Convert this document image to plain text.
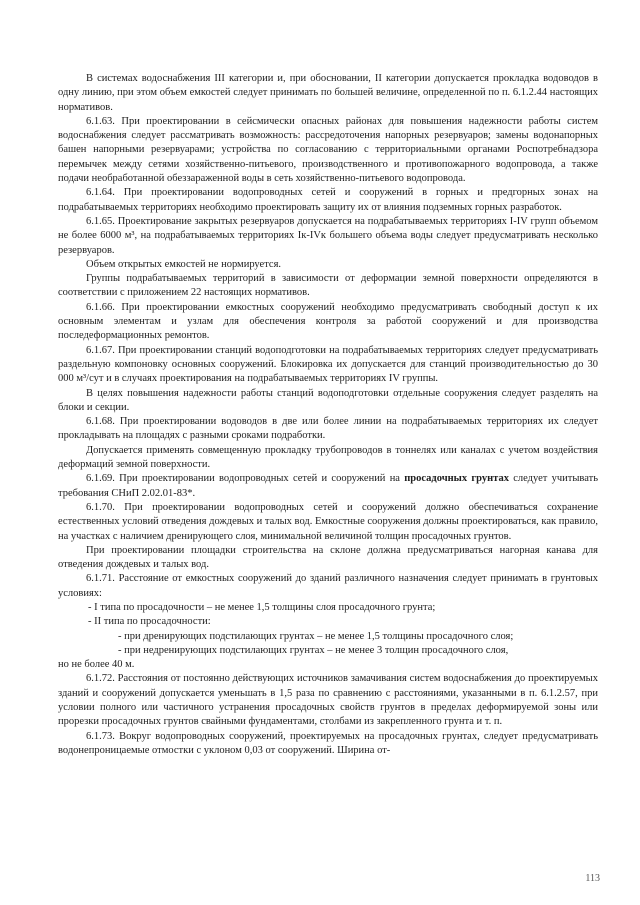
В системах водоснабжения III категории и, при обосновании, II категории допускается прокладка водоводов в одну линию, при этом объем емкостей следует принимать по большей величине, определенной по п. 6.1.2.44 настоящих нормативов.

6.1.63. При проектировании в сейсмически опасных районах для повышения надежности работы систем водоснабжения следует рассматривать возможность: рассредоточения напорных резервуаров; замены водонапорных башен напорными резервуарами; устройства по согласованию с территориальными органами Роспотребнадзора перемычек между сетями хозяйственно-питьевого, производственного и противопожарного водопровода, а также подачи необработанной обеззараженной воды в сеть хозяйственно-питьевого водопровода.

6.1.64. При проектировании водопроводных сетей и сооружений в горных и предгорных зонах на подрабатываемых территориях необходимо проектировать защиту их от влияния подземных горных разработок.

6.1.65. Проектирование закрытых резервуаров допускается на подрабатываемых территориях I-IV групп объемом не более 6000 м³, на подрабатываемых территориях Iк-IVк большего объема воды следует предусматривать несколько резервуаров.

Объем открытых емкостей не нормируется.

Группы подрабатываемых территорий в зависимости от деформации земной поверхности определяются в соответствии с приложением 22 настоящих нормативов.

6.1.66. При проектировании емкостных сооружений необходимо предусматривать свободный доступ к их основным элементам и узлам для обеспечения контроля за работой сооружений и для производства последеформационных ремонтов.

6.1.67. При проектировании станций водоподготовки на подрабатываемых территориях следует предусматривать раздельную компоновку основных сооружений. Блокировка их допускается для станций производительностью до 30 000 м³/сут и в случаях проектирования на подрабатываемых территориях IV группы.

В целях повышения надежности работы станций водоподготовки отдельные сооружения следует разделять на блоки и секции.

6.1.68. При проектировании водоводов в две или более линии на подрабатываемых территориях их следует прокладывать на площадях с разными сроками подработки.

Допускается применять совмещенную прокладку трубопроводов в тоннелях или каналах с учетом воздействия деформаций земной поверхности.

6.1.69. При проектировании водопроводных сетей и сооружений на просадочных грунтах следует учитывать требования СНиП 2.02.01-83*.

6.1.70. При проектировании водопроводных сетей и сооружений должно обеспечиваться сохранение естественных условий отведения дождевых и талых вод. Емкостные сооружения должны проектироваться, как правило, на участках с наличием дренирующего слоя, минимальной величиной толщин просадочных грунтов.

При проектировании площадки строительства на склоне должна предусматриваться нагорная канава для отведения дождевых и талых вод.

6.1.71. Расстояние от емкостных сооружений до зданий различного назначения следует принимать в грунтовых условиях:

- I типа по просадочности – не менее 1,5 толщины слоя просадочного грунта;

- II типа по просадочности:

- при дренирующих подстилающих грунтах – не менее 1,5 толщины просадочного слоя;

- при недренирующих подстилающих грунтах – не менее 3 толщин просадочного слоя,

но не более 40 м.

6.1.72. Расстояния от постоянно действующих источников замачивания систем водоснабжения до проектируемых зданий и сооружений допускается уменьшать в 1,5 раза по сравнению с расстояниями, указанными в п. 6.1.2.57, при условии полного или частичного устранения просадочных свойств грунтов в пределах деформируемой зоны или прорезки просадочных грунтов свайными фундаментами, столбами из закрепленного грунта и т. п.

6.1.73. Вокруг водопроводных сооружений, проектируемых на просадочных грунтах, следует предусматривать водонепроницаемые отмостки с уклоном 0,03 от сооружений. Ширина от-

113
